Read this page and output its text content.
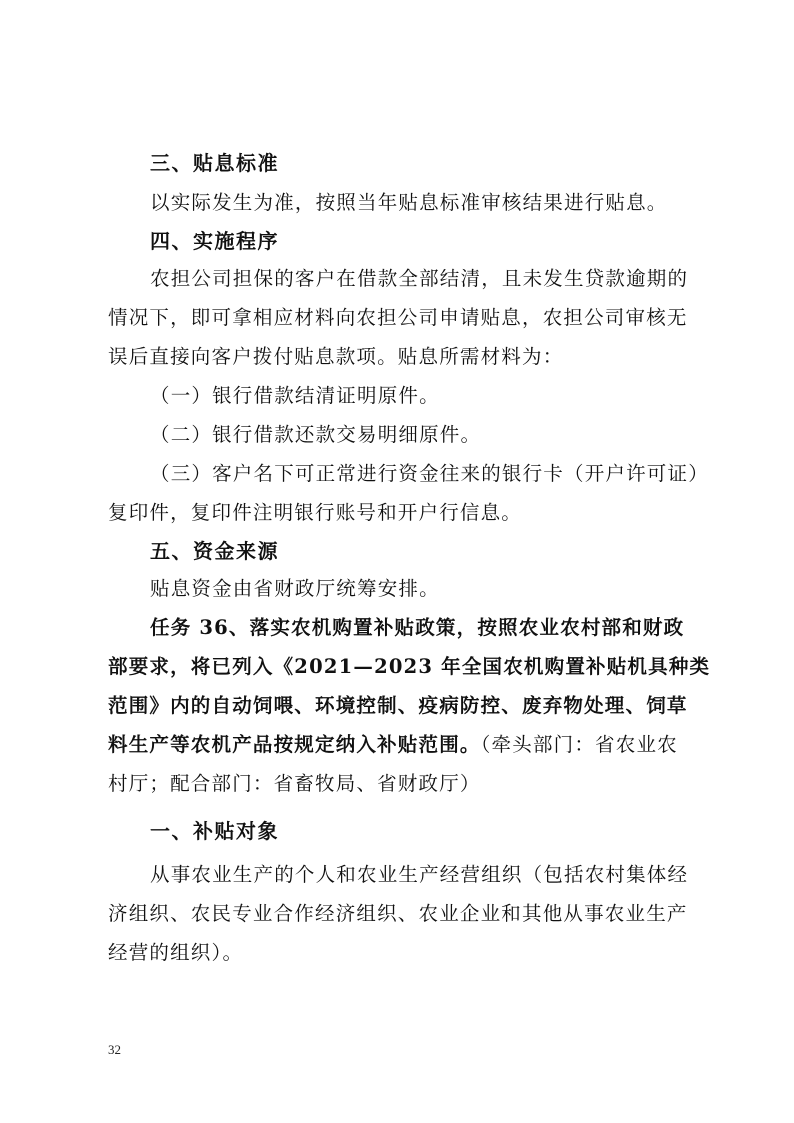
三、贴息标准
以实际发生为准，按照当年贴息标准审核结果进行贴息。
四、实施程序
农担公司担保的客户在借款全部结清，且未发生贷款逾期的
情况下，即可拿相应材料向农担公司申请贴息，农担公司审核无
误后直接向客户拨付贴息款项。贴息所需材料为：
（一）银行借款结清证明原件。
（二）银行借款还款交易明细原件。
（三）客户名下可正常进行资金往来的银行卡（开户许可证）
复印件，复印件注明银行账号和开户行信息。
五、资金来源
贴息资金由省财政厅统筹安排。
任务 36、落实农机购置补贴政策，按照农业农村部和财政
部要求，将已列入《2021—2023 年全国农机购置补贴机具种类
范围》内的自动饲喂、环境控制、疫病防控、废弃物处理、饲草
料生产等农机产品按规定纳入补贴范围。（牵头部门：省农业农
村厅；配合部门：省畜牧局、省财政厅）
一、补贴对象
从事农业生产的个人和农业生产经营组织（包括农村集体经
济组织、农民专业合作经济组织、农业企业和其他从事农业生产
经营的组织）。
32
